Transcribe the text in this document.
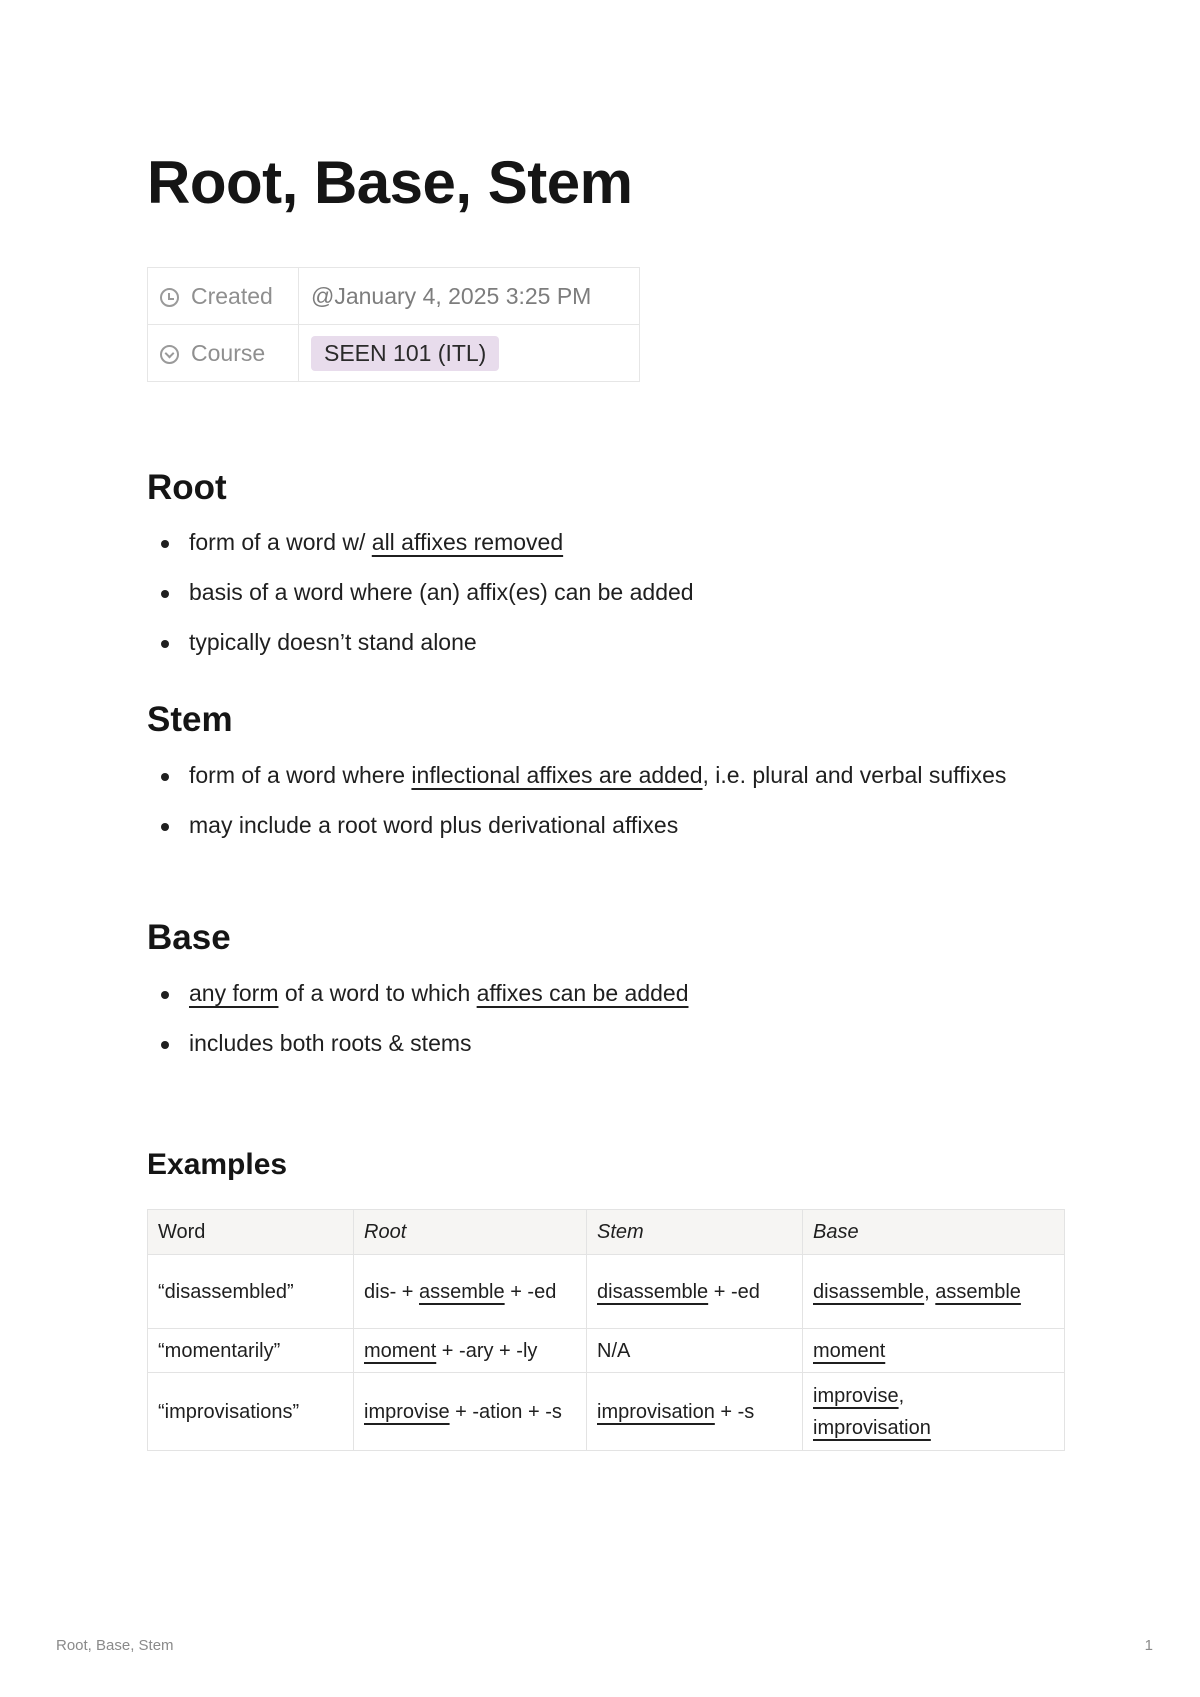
Root, Base, Stem
Created	@January 4, 2025 3:25 PM
Course	SEEN 101 (ITL)
Root
form of a word w/ all affixes removed
basis of a word where (an) affix(es) can be added
typically doesn’t stand alone
Stem
form of a word where inflectional affixes are added, i.e. plural and verbal suffixes
may include a root word plus derivational affixes
Base
any form of a word to which affixes can be added
includes both roots & stems
Examples
Word	Root	Stem	Base
“disassembled”	dis- + assemble + -ed	disassemble + -ed	disassemble, assemble
“momentarily”	moment + -ary + -ly	N/A	moment
“improvisations”	improvise + -ation + -s	improvisation + -s	improvise,
improvisation
Root, Base, Stem	1
